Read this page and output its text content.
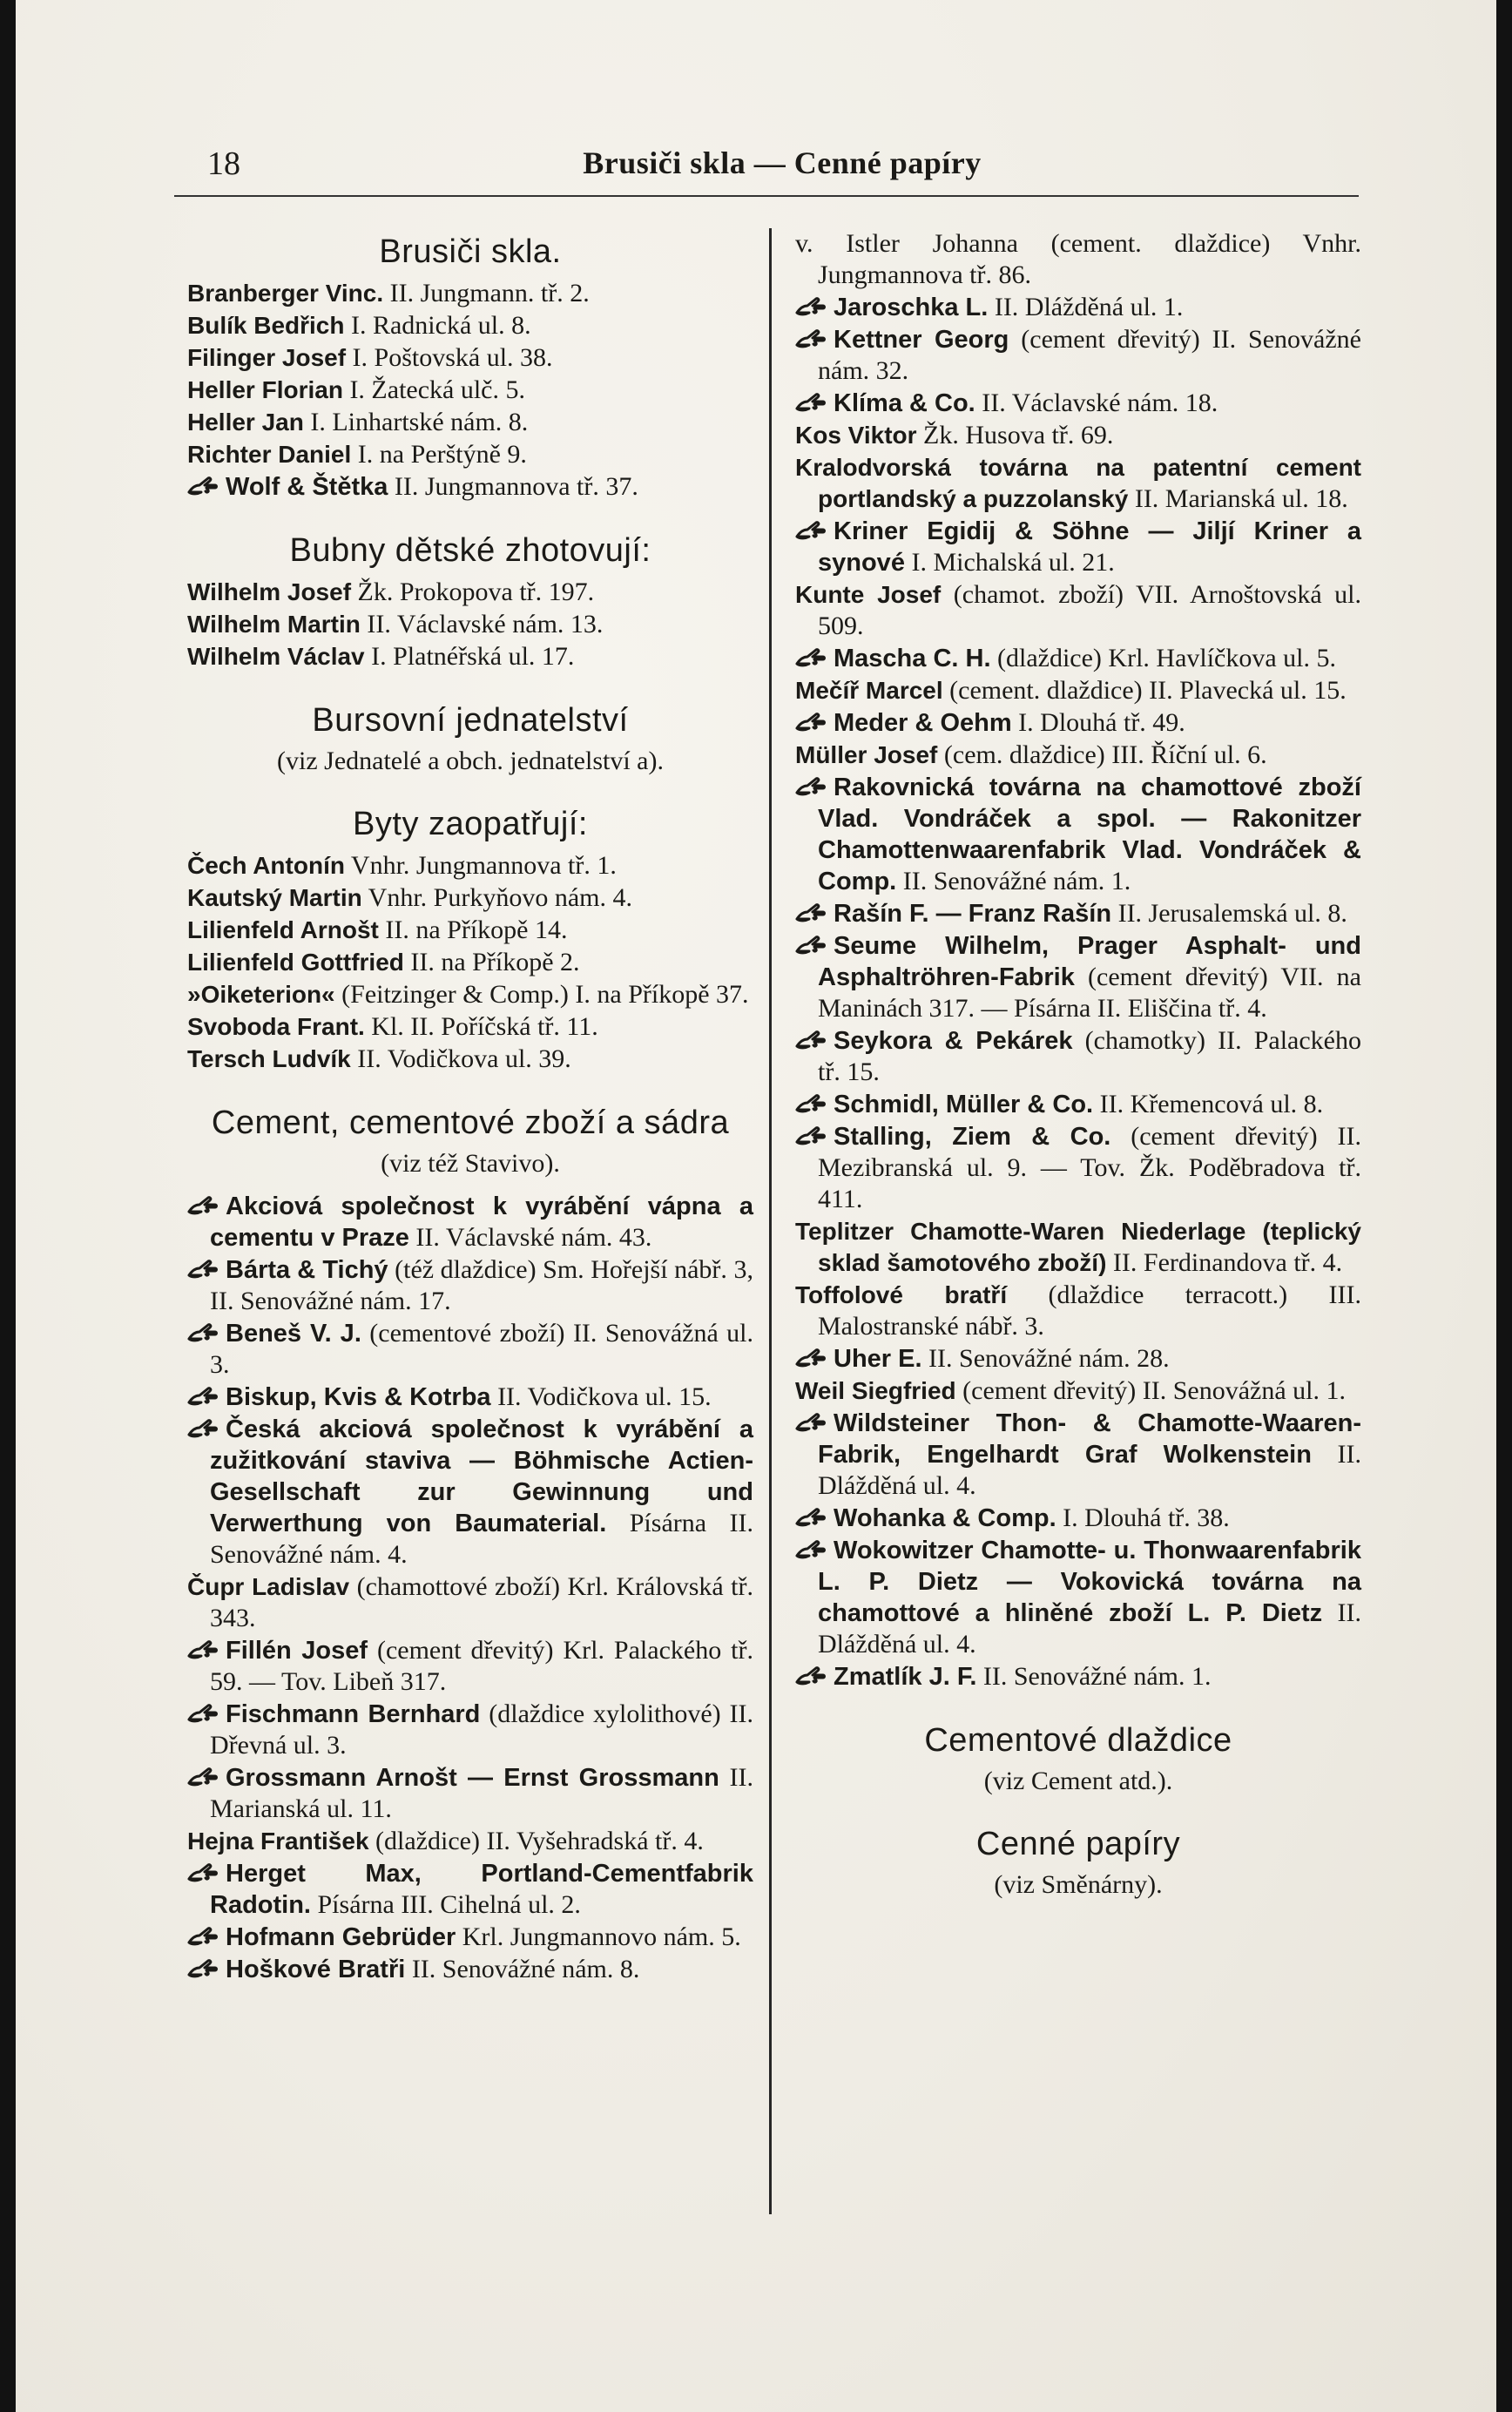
18	Brusiči skla — Cenné papíry
Brusiči skla.
Branberger Vinc. II. Jungmann. tř. 2.
Bulík Bedřich I. Radnická ul. 8.
Filinger Josef I. Poštovská ul. 38.
Heller Florian I. Žatecká ulč. 5.
Heller Jan I. Linhartské nám. 8.
Richter Daniel I. na Perštýně 9.
Wolf & Štětka II. Jungmannova tř. 37.
Bubny dětské zhotovují:
Wilhelm Josef Žk. Prokopova tř. 197.
Wilhelm Martin II. Václavské nám. 13.
Wilhelm Václav I. Platnéřská ul. 17.
Bursovní jednatelství
(viz Jednatelé a obch. jednatelství a).
Byty zaopatřují:
Čech Antonín Vnhr. Jungmannova tř. 1.
Kautský Martin Vnhr. Purkyňovo nám. 4.
Lilienfeld Arnošt II. na Příkopě 14.
Lilienfeld Gottfried II. na Příkopě 2.
»Oiketerion« (Feitzinger & Comp.) I. na Příkopě 37.
Svoboda Frant. Kl. II. Poříčská tř. 11.
Tersch Ludvík II. Vodičkova ul. 39.
Cement, cementové zboží a sádra
(viz též Stavivo).
Akciová společnost k vyrábění vápna a cementu v Praze II. Václavské nám. 43.
Bárta & Tichý (též dlaždice) Sm. Hořejší nábř. 3, II. Senovážné nám. 17.
Beneš V. J. (cementové zboží) II. Senovážná ul. 3.
Biskup, Kvis & Kotrba II. Vodičkova ul. 15.
Česká akciová společnost k vyrábění a zužitkování staviva — Böhmische Actien-Gesellschaft zur Gewinnung und Verwerthung von Baumaterial. Písárna II. Senovážné nám. 4.
Čupr Ladislav (chamottové zboží) Krl. Královská tř. 343.
Fillén Josef (cement dřevitý) Krl. Palackého tř. 59. — Tov. Libeň 317.
Fischmann Bernhard (dlaždice xylolithové) II. Dřevná ul. 3.
Grossmann Arnošt — Ernst Grossmann II. Marianská ul. 11.
Hejna František (dlaždice) II. Vyšehradská tř. 4.
Herget Max, Portland-Cementfabrik Radotin. Písárna III. Cihelná ul. 2.
Hofmann Gebrüder Krl. Jungmannovo nám. 5.
Hoškové Bratři II. Senovážné nám. 8.
v. Istler Johanna (cement. dlaždice) Vnhr. Jungmannova tř. 86.
Jaroschka L. II. Dlážděná ul. 1.
Kettner Georg (cement dřevitý) II. Senovážné nám. 32.
Klíma & Co. II. Václavské nám. 18.
Kos Viktor Žk. Husova tř. 69.
Kralodvorská továrna na patentní cement portlandský a puzzolanský II. Marianská ul. 18.
Kriner Egidij & Söhne — Jiljí Kriner a synové I. Michalská ul. 21.
Kunte Josef (chamot. zboží) VII. Arnoštovská ul. 509.
Mascha C. H. (dlaždice) Krl. Havlíčkova ul. 5.
Mečíř Marcel (cement. dlaždice) II. Plavecká ul. 15.
Meder & Oehm I. Dlouhá tř. 49.
Müller Josef (cem. dlaždice) III. Říční ul. 6.
Rakovnická továrna na chamottové zboží Vlad. Vondráček a spol. — Rakonitzer Chamottenwaarenfabrik Vlad. Vondráček & Comp. II. Senovážné nám. 1.
Rašín F. — Franz Rašín II. Jerusalemská ul. 8.
Seume Wilhelm, Prager Asphalt- und Asphaltröhren-Fabrik (cement dřevitý) VII. na Maninách 317. — Písárna II. Eliščina tř. 4.
Seykora & Pekárek (chamotky) II. Palackého tř. 15.
Schmidl, Müller & Co. II. Křemencová ul. 8.
Stalling, Ziem & Co. (cement dřevitý) II. Mezibranská ul. 9. — Tov. Žk. Poděbradova tř. 411.
Teplitzer Chamotte-Waren Niederlage (teplický sklad šamotového zboží) II. Ferdinandova tř. 4.
Toffolové bratří (dlaždice terracott.) III. Malostranské nábř. 3.
Uher E. II. Senovážné nám. 28.
Weil Siegfried (cement dřevitý) II. Senovážná ul. 1.
Wildsteiner Thon- & Chamotte-Waaren-Fabrik, Engelhardt Graf Wolkenstein II. Dlážděná ul. 4.
Wohanka & Comp. I. Dlouhá tř. 38.
Wokowitzer Chamotte- u. Thonwaarenfabrik L. P. Dietz — Vokovická továrna na chamottové a hliněné zboží L. P. Dietz II. Dlážděná ul. 4.
Zmatlík J. F. II. Senovážné nám. 1.
Cementové dlaždice
(viz Cement atd.).
Cenné papíry
(viz Směnárny).
